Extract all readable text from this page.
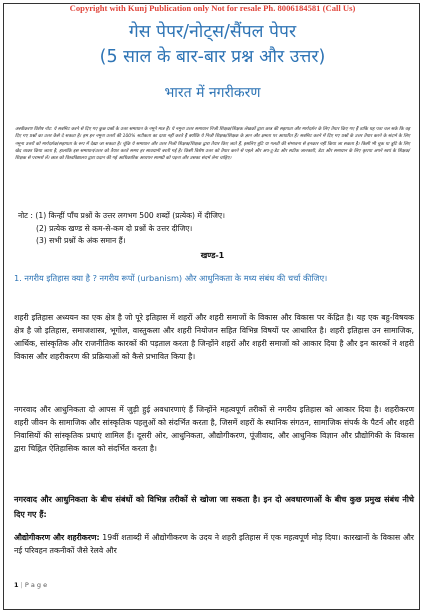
Copyright with Kunj Publication only Not for resale Ph. 8006184581 (Call Us)
गेस पेपर/नोट्स/सैंपल पेपर
(5 साल के बार-बार प्रश्न और उत्तर)
भारत में नगरीकरण
अस्वीकरण विशेष नोट: ये सबमिट करने से दिए गए कुछ प्रश्नों के उत्तर समाधान के नमूने मात्र हैं। ये नमूना उत्तर समाधान निजी शिक्षक/शिक्षक लेखकों द्वारा छात्र की सहायता और मार्गदर्शन के लिए तैयार किए गए हैं ताकि यह पता चल सके कि वह दिए गए प्रश्नों का उत्तर कैसे दे सकता है। हम इन नमूना उत्तरों की 100% सटीकता का दावा नहीं करते हैं क्योंकि ये निजी शिक्षक/शिक्षक के ज्ञान और क्षमता पर आधारित हैं। सबमिट करने में दिए गए प्रश्नों के उत्तर तैयार करने के संदर्भ के लिए नमूना उत्तरों को मार्गदर्शक/सहायता के रूप में देखा जा सकता है। चूंकि ये समाधान और उत्तर निजी शिक्षक/शिक्षक द्वारा तैयार किए जाते हैं, इसलिए त्रुटि या गलती की संभावना से इनकार नहीं किया जा सकता है। किसी भी चूक या त्रुटि के लिए खेद व्यक्त किया जाता है, हालांकि इस समाधान/उत्तर को तैयार करते समय हर सावधानी बरती गई है। किसी विशेष उत्तर को तैयार करने से पहले और अप-टू-डेट और सटीक जानकारी, डेटा और समाधान के लिए कृपया अपने स्वयं के शिक्षक/शिक्षक से परामर्श लें। छात्र को विश्वविद्यालय द्वारा प्रदान की गई आधिकारिक अध्ययन सामग्री को पढ़ना और उसका संदर्भ लेना चाहिए।
नोट : (1) किन्हीं पाँच प्रश्नों के उत्तर लगभग 500 शब्दों (प्रत्येक) में दीजिए।
(2) प्रत्येक खण्ड से कम-से-कम दो प्रश्नों के उत्तर दीजिए।
(3) सभी प्रश्नों के अंक समान हैं।
खण्ड-1
1. नगरीय इतिहास क्या है ? नगरीय रूपों (urbanism) और आधुनिकता के मध्य संबंध की चर्चा कीजिए।
शहरी इतिहास अध्ययन का एक क्षेत्र है जो पूरे इतिहास में शहरों और शहरी समाजों के विकास और विकास पर केंद्रित है। यह एक बहु-विषयक क्षेत्र है जो इतिहास, समाजशास्त्र, भूगोल, वास्तुकला और शहरी नियोजन सहित विभिन्न विषयों पर आधारित है। शहरी इतिहास उन सामाजिक, आर्थिक, सांस्कृतिक और राजनीतिक कारकों की पड़ताल करता है जिन्होंने शहरों और शहरी समाजों को आकार दिया है और इन कारकों ने शहरी विकास और शहरीकरण की प्रक्रियाओं को कैसे प्रभावित किया है।
नगरवाद और आधुनिकता दो आपस में जुड़ी हुई अवधारणाएं हैं जिन्होंने महत्वपूर्ण तरीकों से नगरीय इतिहास को आकार दिया है। शहरीकरण शहरी जीवन के सामाजिक और सांस्कृतिक पहलुओं को संदर्भित करता है, जिसमें शहरों के स्थानिक संगठन, सामाजिक संपर्क के पैटर्न और शहरी निवासियों की सांस्कृतिक प्रथाएं शामिल हैं। दूसरी ओर, आधुनिकता, औद्योगीकरण, पूंजीवाद, और आधुनिक विज्ञान और प्रौद्योगिकी के विकास द्वारा चिह्नित ऐतिहासिक काल को संदर्भित करता है।
नगरवाद और आधुनिकता के बीच संबंधों को विभिन्न तरीकों से खोजा जा सकता है। इन दो अवधारणाओं के बीच कुछ प्रमुख संबंध नीचे दिए गए हैं:
औद्योगीकरण और शहरीकरण: 19वीं शताब्दी में औद्योगीकरण के उदय ने शहरी इतिहास में एक महत्वपूर्ण मोड़ दिया। कारखानों के विकास और नई परिवहन तकनीकों जैसे रेलवे और
1 | P a g e
